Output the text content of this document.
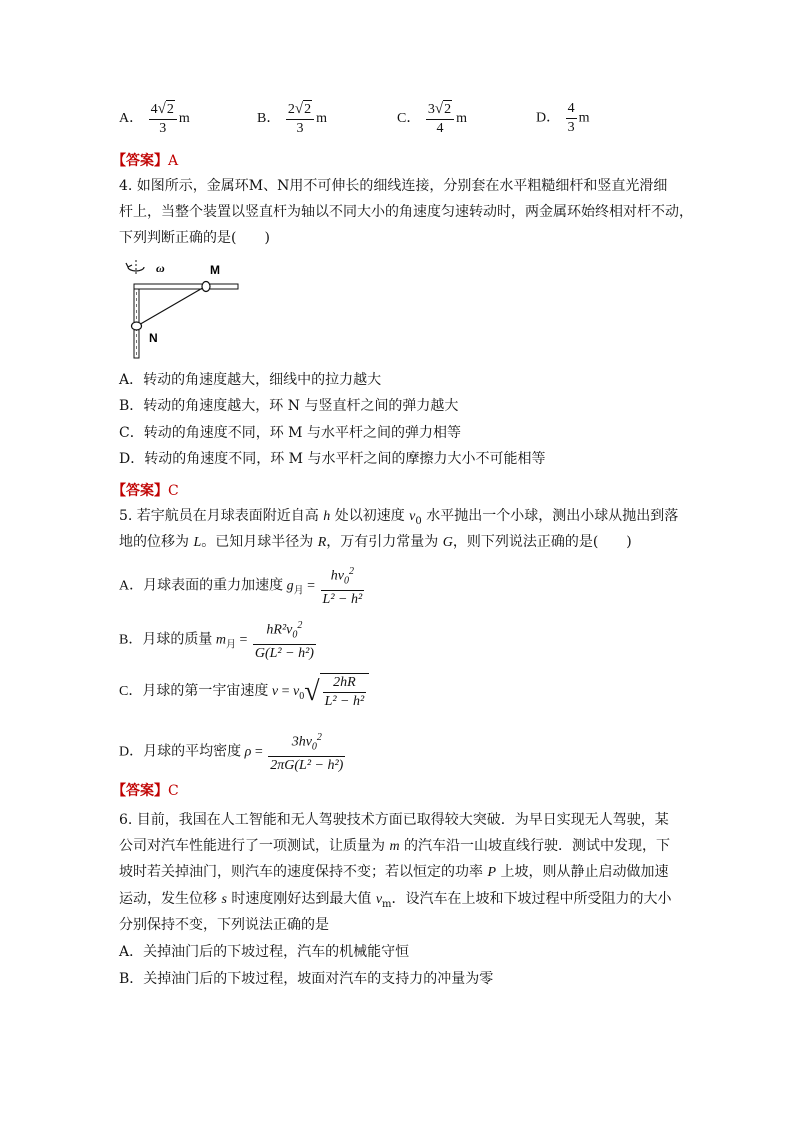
A． $\frac{4√2}{3}$ m	B． $\frac{2√2}{3}$ m	C． $\frac{3√2}{4}$ m	D． $\frac{4}{3}$ m
【答案】A
4. 如图所示，金属环M、N用不可伸长的细线连接，分别套在水平粗糙细杆和竖直光滑细
杆上，当整个装置以竖直杆为轴以不同大小的角速度匀速转动时，两金属环始终相对杆不动，
下列判断正确的是(　　)
ω	M
N
A．转动的角速度越大，细线中的拉力越大
B．转动的角速度越大，环 N 与竖直杆之间的弹力越大
C．转动的角速度不同，环 M 与水平杆之间的弹力相等
D．转动的角速度不同，环 M 与水平杆之间的摩擦力大小不可能相等
【答案】C
5. 若宇航员在月球表面附近自高 h 处以初速度 $v_0$ 水平抛出一个小球，测出小球从抛出到落
地的位移为 L。已知月球半径为 R，万有引力常量为 G，则下列说法正确的是(　　)
A．月球表面的重力加速度 $g_月 = \frac{hv_0^2}{\text{L² − h²}}$
B．月球的质量 $m_月 = \frac{hR^2v_0^2}{\text{G(L² − h²)}}$
C．月球的第一宇宙速度 $v = v_0√ \frac{2hR}{\text{L² − h²}}$
D．月球的平均密度 $\rho = \frac{3hv_0^2}{\text{2πG(L² − h²)}}$
【答案】C
6. 目前，我国在人工智能和无人驾驶技术方面已取得较大突破．为早日实现无人驾驶，某
公司对汽车性能进行了一项测试，让质量为 m 的汽车沿一山坡直线行驶．测试中发现，下
坡时若关掉油门，则汽车的速度保持不变；若以恒定的功率 P 上坡，则从静止启动做加速
运动，发生位移 s 时速度刚好达到最大值 $v_m$．设汽车在上坡和下坡过程中所受阻力的大小
分别保持不变，下列说法正确的是
A．关掉油门后的下坡过程，汽车的机械能守恒
B．关掉油门后的下坡过程，坡面对汽车的支持力的冲量为零
